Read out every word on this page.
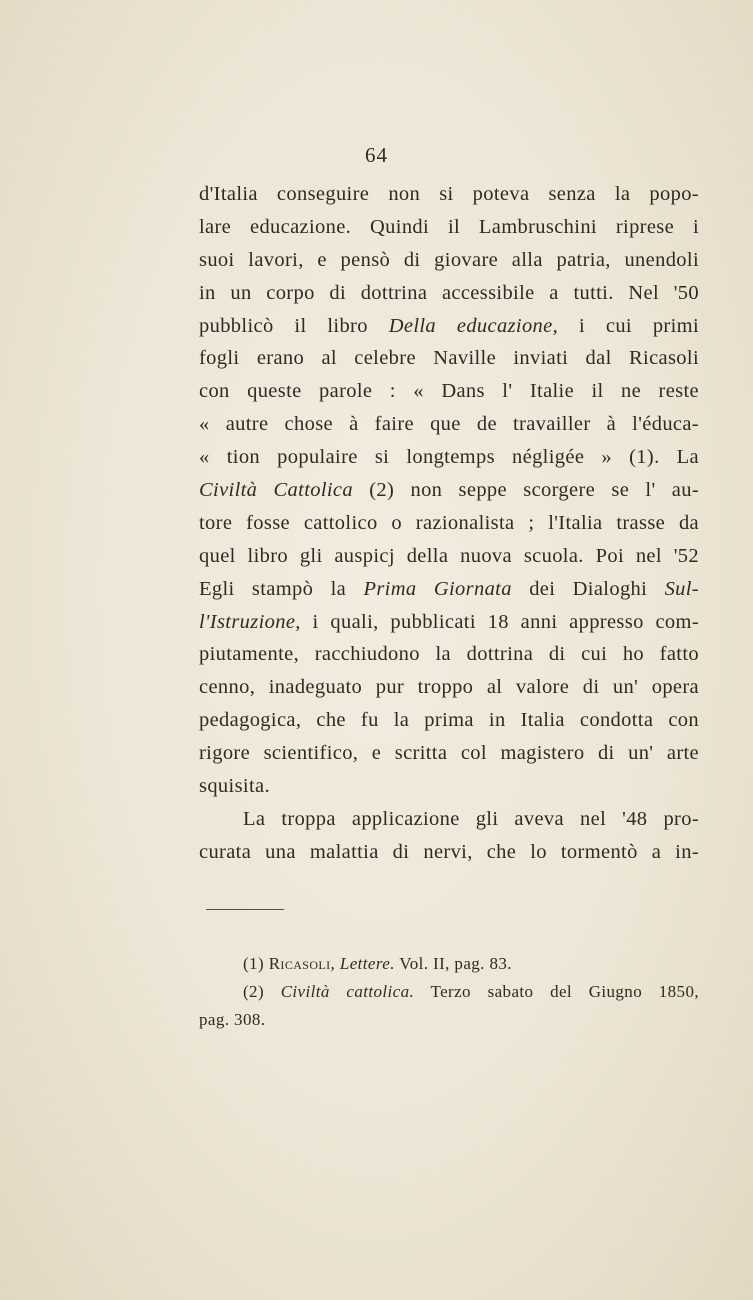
64
d'Italia conseguire non si poteva senza la popo-
lare educazione. Quindi il Lambruschini riprese i
suoi lavori, e pensò di giovare alla patria, unendoli
in un corpo di dottrina accessibile a tutti. Nel '50
pubblicò il libro Della educazione, i cui primi
fogli erano al celebre Naville inviati dal Ricasoli
con queste parole : « Dans l' Italie il ne reste
« autre chose à faire que de travailler à l'éduca-
« tion populaire si longtemps négligée » (1). La
Civiltà Cattolica (2) non seppe scorgere se l' au-
tore fosse cattolico o razionalista ; l'Italia trasse da
quel libro gli auspicj della nuova scuola. Poi nel '52
Egli stampò la Prima Giornata dei Dialoghi Sul-
l'Istruzione, i quali, pubblicati 18 anni appresso com-
piutamente, racchiudono la dottrina di cui ho fatto
cenno, inadeguato pur troppo al valore di un' opera
pedagogica, che fu la prima in Italia condotta con
rigore scientifico, e scritta col magistero di un' arte
squisita.
La troppa applicazione gli aveva nel '48 pro-
curata una malattia di nervi, che lo tormentò a in-
(1) Ricasoli, Lettere. Vol. II, pag. 83.
(2) Civiltà cattolica. Terzo sabato del Giugno 1850,
pag. 308.
